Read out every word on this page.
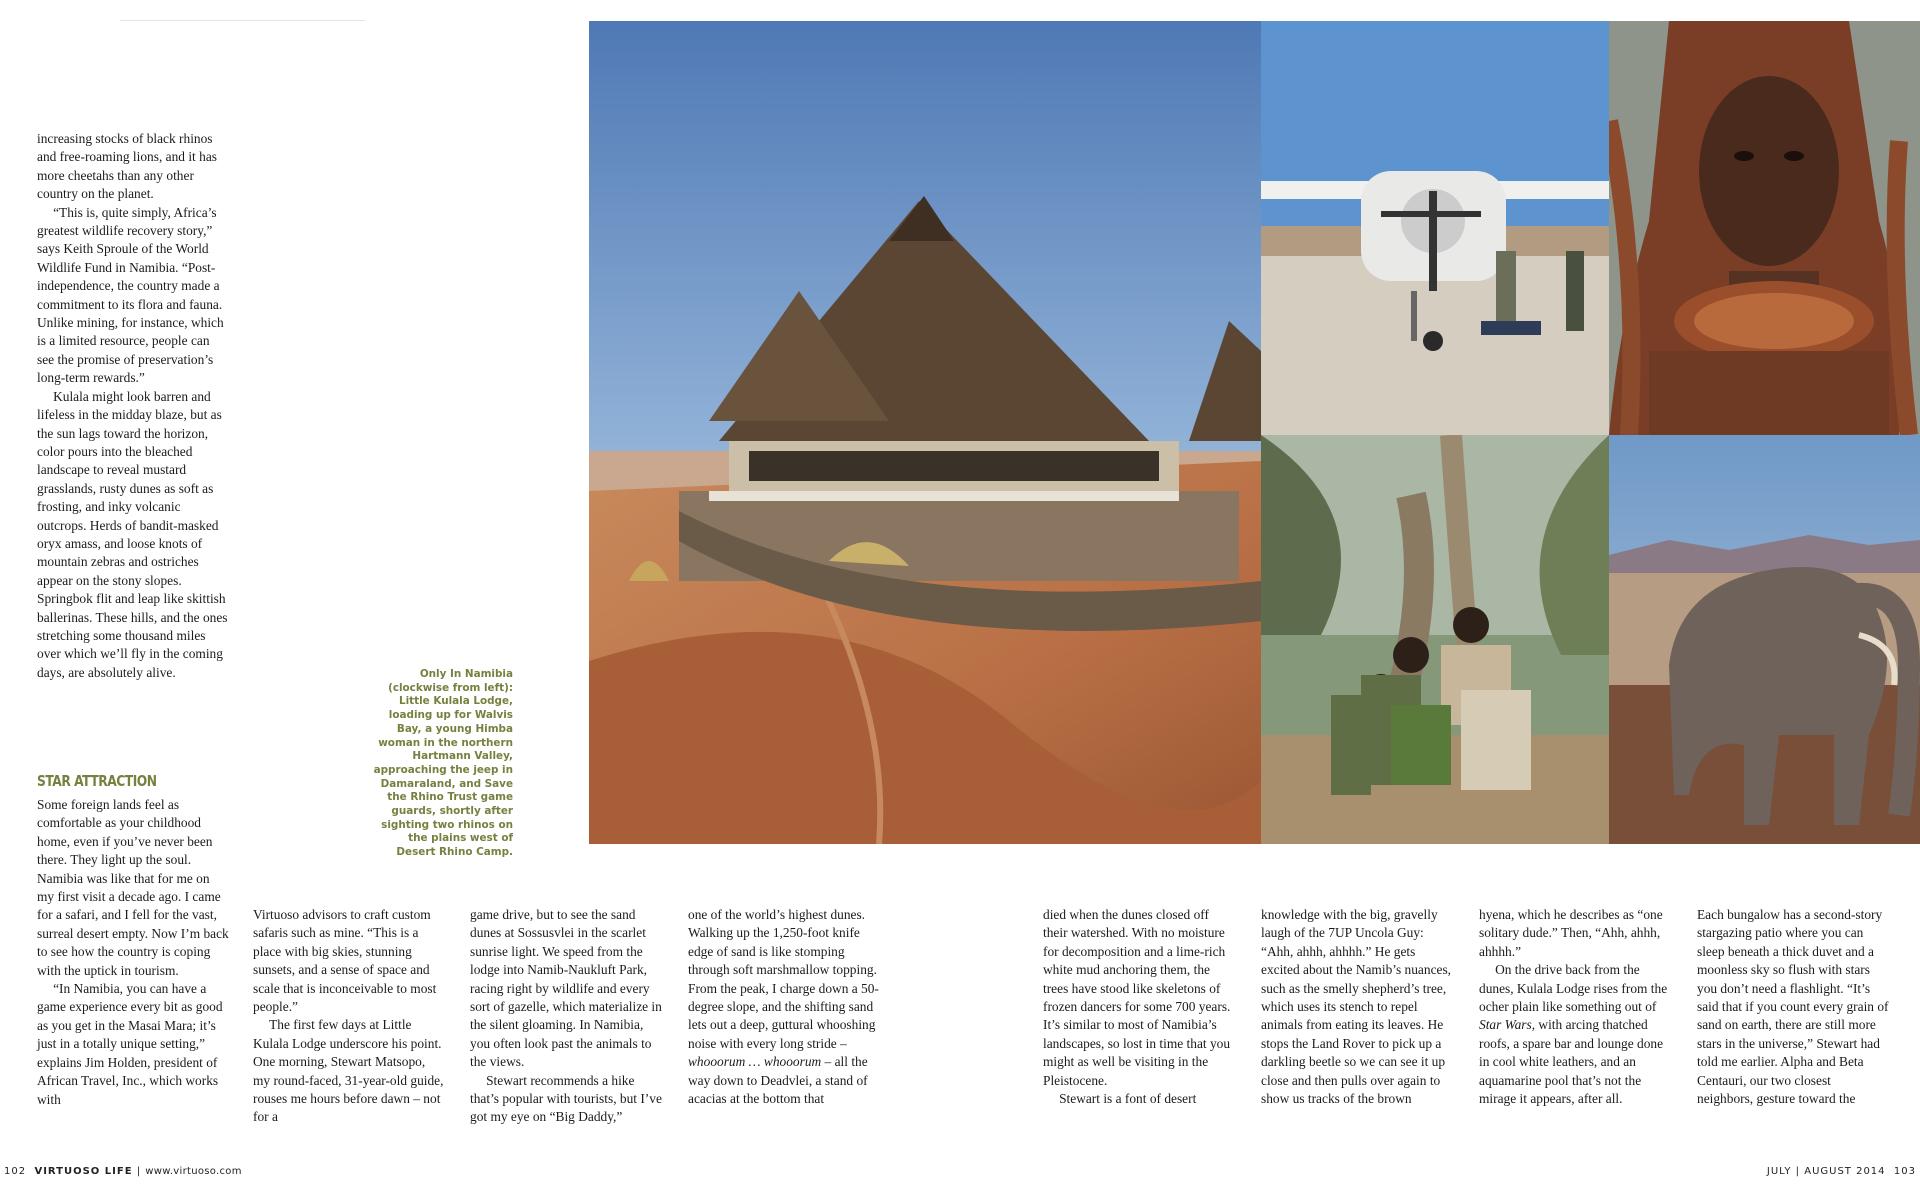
increasing stocks of black rhinos and free-roaming lions, and it has more cheetahs than any other country on the planet.

“This is, quite simply, Africa’s greatest wildlife recovery story,” says Keith Sproule of the World Wildlife Fund in Namibia. “Post-independence, the country made a commitment to its flora and fauna. Unlike mining, for instance, which is a limited resource, people can see the promise of preservation’s long-term rewards.”

Kulala might look barren and lifeless in the midday blaze, but as the sun lags toward the horizon, color pours into the bleached landscape to reveal mustard grasslands, rusty dunes as soft as frosting, and inky volcanic outcrops. Herds of bandit-masked oryx amass, and loose knots of mountain zebras and ostriches appear on the stony slopes. Springbok flit and leap like skittish ballerinas. These hills, and the ones stretching some thousand miles over which we’ll fly in the coming days, are absolutely alive.

STAR ATTRACTION

Some foreign lands feel as comfortable as your childhood home, even if you’ve never been there. They light up the soul. Namibia was like that for me on my first visit a decade ago. I came for a safari, and I fell for the vast, surreal desert empty. Now I’m back to see how the country is coping with the uptick in tourism.

“In Namibia, you can have a game experience every bit as good as you get in the Masai Mara; it’s just in a totally unique setting,” explains Jim Holden, president of African Travel, Inc., which works with

Only In Namibia (clockwise from left): Little Kulala Lodge, loading up for Walvis Bay, a young Himba woman in the northern Hartmann Valley, approaching the jeep in Damaraland, and Save the Rhino Trust game guards, shortly after sighting two rhinos on the plains west of Desert Rhino Camp.

Virtuoso advisors to craft custom safaris such as mine. “This is a place with big skies, stunning sunsets, and a sense of space and scale that is inconceivable to most people.”

The first few days at Little Kulala Lodge underscore his point. One morning, Stewart Matsopo, my round-faced, 31-year-old guide, rouses me hours before dawn – not for a

game drive, but to see the sand dunes at Sossusvlei in the scarlet sunrise light. We speed from the lodge into Namib-Naukluft Park, racing right by wildlife and every sort of gazelle, which materialize in the silent gloaming. In Namibia, you often look past the animals to the views.

Stewart recommends a hike that’s popular with tourists, but I’ve got my eye on “Big Daddy,”

one of the world’s highest dunes. Walking up the 1,250-foot knife edge of sand is like stomping through soft marshmallow topping. From the peak, I charge down a 50-degree slope, and the shifting sand lets out a deep, guttural whooshing noise with every long stride – whooorum … whooorum – all the way down to Deadvlei, a stand of acacias at the bottom that

died when the dunes closed off their watershed. With no moisture for decomposition and a lime-rich white mud anchoring them, the trees have stood like skeletons of frozen dancers for some 700 years. It’s similar to most of Namibia’s landscapes, so lost in time that you might as well be visiting in the Pleistocene.

Stewart is a font of desert

knowledge with the big, gravelly laugh of the 7UP Uncola Guy: “Ahh, ahhh, ahhhh.” He gets excited about the Namib’s nuances, such as the smelly shepherd’s tree, which uses its stench to repel animals from eating its leaves. He stops the Land Rover to pick up a darkling beetle so we can see it up close and then pulls over again to show us tracks of the brown

hyena, which he describes as “one solitary dude.” Then, “Ahh, ahhh, ahhhh.”

On the drive back from the dunes, Kulala Lodge rises from the ocher plain like something out of Star Wars, with arcing thatched roofs, a spare bar and lounge done in cool white leathers, and an aquamarine pool that’s not the mirage it appears, after all.

Each bungalow has a second-story stargazing patio where you can sleep beneath a thick duvet and a moonless sky so flush with stars you don’t need a flashlight. “It’s said that if you count every grain of sand on earth, there are still more stars in the universe,” Stewart had told me earlier. Alpha and Beta Centauri, our two closest neighbors, gesture toward the

102 VIRTUOSO LIFE | www.virtuoso.com	JULY | AUGUST 2014 103
